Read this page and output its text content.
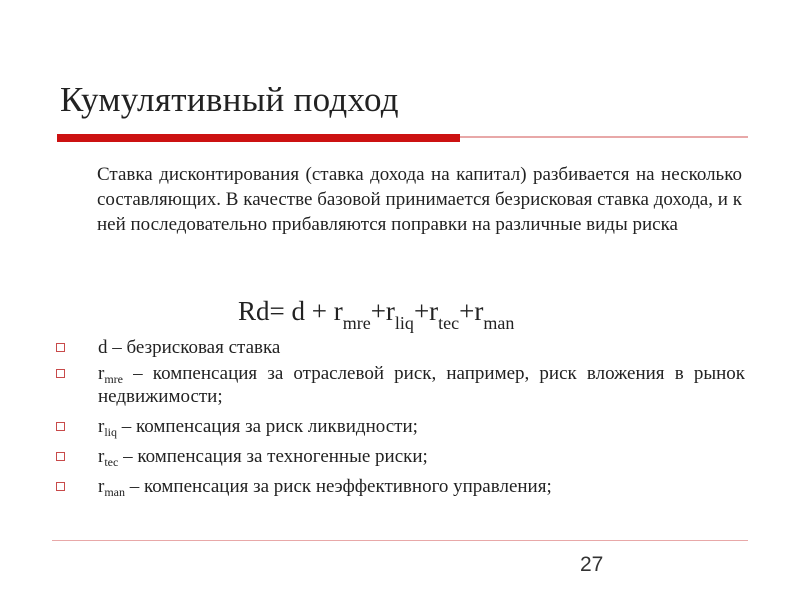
Кумулятивный подход
Ставка дисконтирования (ставка дохода на капитал) разбивается на несколько составляющих. В качестве базовой принимается безрисковая ставка дохода, и к ней последовательно прибавляются поправки на различные виды риска
$Rd= d + r_{mre}+r_{liq}+r_{tec}+r_{man}$
d – безрисковая ставка
$r_{mre}$ – компенсация за отраслевой риск, например, риск вложения в рынок недвижимости;
$r_{liq}$ – компенсация за риск ликвидности;
$r_{tec}$ – компенсация за техногенные риски;
$r_{man}$ – компенсация за риск неэффективного управления;
27
